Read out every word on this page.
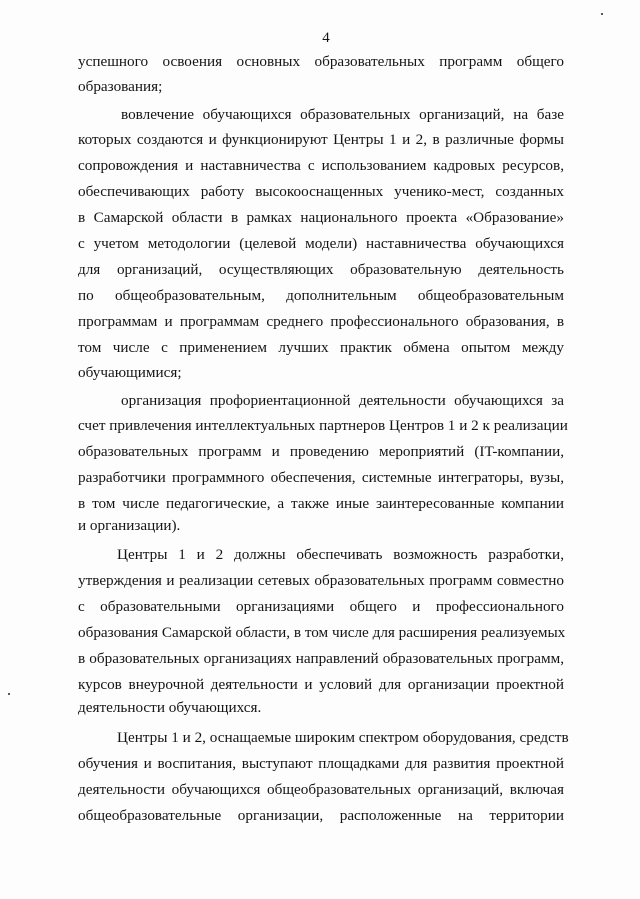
4
успешного освоения основных образовательных программ общего
образования;
вовлечение обучающихся образовательных организаций, на базе
которых создаются и функционируют Центры 1 и 2, в различные формы
сопровождения и наставничества с использованием кадровых ресурсов,
обеспечивающих работу высокооснащенных ученико-мест, созданных
в Самарской области в рамках национального проекта «Образование»
с учетом методологии (целевой модели) наставничества обучающихся
для организаций, осуществляющих образовательную деятельность
по общеобразовательным, дополнительным общеобразовательным
программам и программам среднего профессионального образования, в
том числе с применением лучших практик обмена опытом между
обучающимися;
организация профориентационной деятельности обучающихся за
счет привлечения интеллектуальных партнеров Центров 1 и 2 к реализации
образовательных программ и проведению мероприятий (IT-компании,
разработчики программного обеспечения, системные интеграторы, вузы,
в том числе педагогические, а также иные заинтересованные компании
и организации).
Центры 1 и 2 должны обеспечивать возможность разработки,
утверждения и реализации сетевых образовательных программ совместно
с образовательными организациями общего и профессионального
образования Самарской области, в том числе для расширения реализуемых
в образовательных организациях направлений образовательных программ,
курсов внеурочной деятельности и условий для организации проектной
деятельности обучающихся.
Центры 1 и 2, оснащаемые широким спектром оборудования, средств
обучения и воспитания, выступают площадками для развития проектной
деятельности обучающихся общеобразовательных организаций, включая
общеобразовательные организации, расположенные на территории
